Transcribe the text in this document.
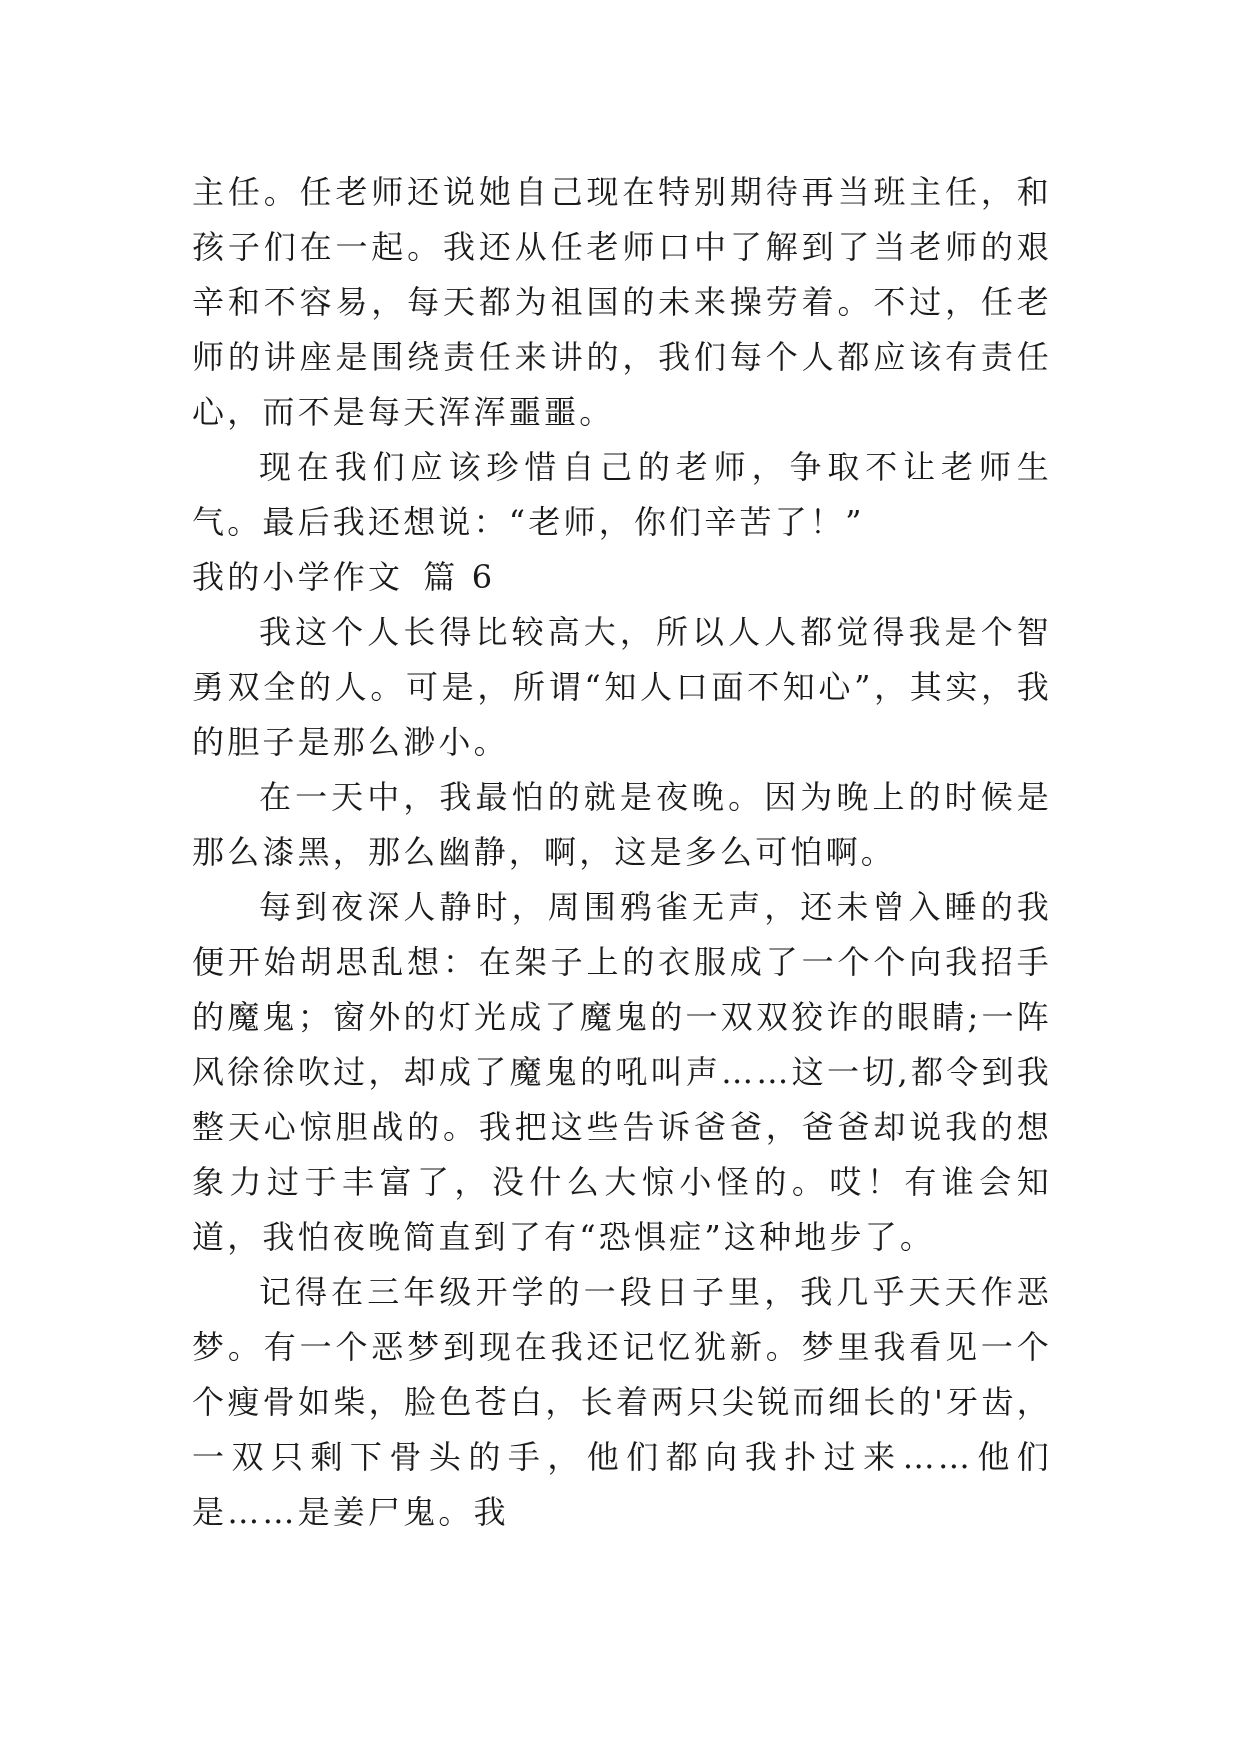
主任。任老师还说她自己现在特别期待再当班主任，和孩子们在一起。我还从任老师口中了解到了当老师的艰辛和不容易，每天都为祖国的未来操劳着。不过，任老师的讲座是围绕责任来讲的，我们每个人都应该有责任心，而不是每天浑浑噩噩。

现在我们应该珍惜自己的老师，争取不让老师生气。最后我还想说：“老师，你们辛苦了！”

我的小学作文 篇 6

我这个人长得比较高大，所以人人都觉得我是个智勇双全的人。可是，所谓“知人口面不知心”，其实，我的胆子是那么渺小。

在一天中，我最怕的就是夜晚。因为晚上的时候是那么漆黑，那么幽静，啊，这是多么可怕啊。

每到夜深人静时，周围鸦雀无声，还未曾入睡的我便开始胡思乱想：在架子上的衣服成了一个个向我招手的魔鬼；窗外的灯光成了魔鬼的一双双狡诈的眼睛;一阵风徐徐吹过，却成了魔鬼的吼叫声……这一切,都令到我整天心惊胆战的。我把这些告诉爸爸，爸爸却说我的想象力过于丰富了，没什么大惊小怪的。哎！有谁会知道，我怕夜晚简直到了有“恐惧症”这种地步了。

记得在三年级开学的一段日子里，我几乎天天作恶梦。有一个恶梦到现在我还记忆犹新。梦里我看见一个个瘦骨如柴，脸色苍白，长着两只尖锐而细长的'牙齿，一双只剩下骨头的手，他们都向我扑过来……他们是……是姜尸鬼。我
